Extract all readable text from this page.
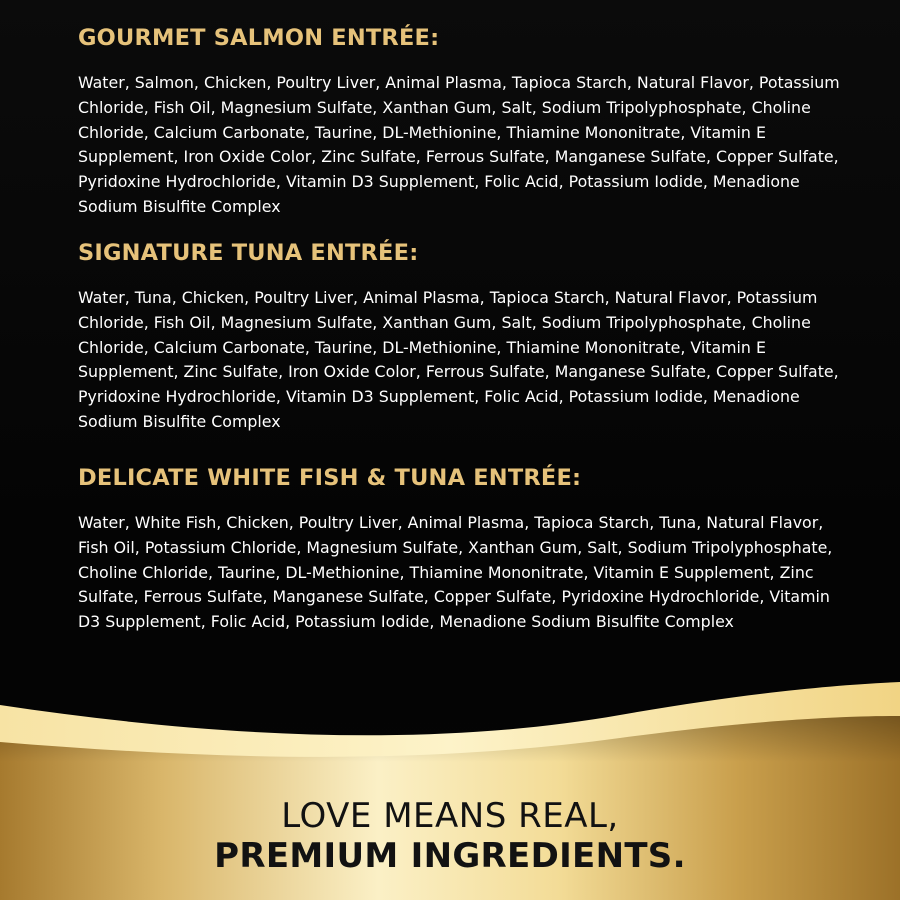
GOURMET SALMON ENTRÉE:

Water, Salmon, Chicken, Poultry Liver, Animal Plasma, Tapioca Starch, Natural Flavor, Potassium Chloride, Fish Oil, Magnesium Sulfate, Xanthan Gum, Salt, Sodium Tripolyphosphate, Choline Chloride, Calcium Carbonate, Taurine, DL-Methionine, Thiamine Mononitrate, Vitamin E Supplement, Iron Oxide Color, Zinc Sulfate, Ferrous Sulfate, Manganese Sulfate, Copper Sulfate, Pyridoxine Hydrochloride, Vitamin D3 Supplement, Folic Acid, Potassium Iodide, Menadione Sodium Bisulfite Complex

SIGNATURE TUNA ENTRÉE:

Water, Tuna, Chicken, Poultry Liver, Animal Plasma, Tapioca Starch, Natural Flavor, Potassium Chloride, Fish Oil, Magnesium Sulfate, Xanthan Gum, Salt, Sodium Tripolyphosphate, Choline Chloride, Calcium Carbonate, Taurine, DL-Methionine, Thiamine Mononitrate, Vitamin E Supplement, Zinc Sulfate, Iron Oxide Color, Ferrous Sulfate, Manganese Sulfate, Copper Sulfate, Pyridoxine Hydrochloride, Vitamin D3 Supplement, Folic Acid, Potassium Iodide, Menadione Sodium Bisulfite Complex

DELICATE WHITE FISH & TUNA ENTRÉE:

Water, White Fish, Chicken, Poultry Liver, Animal Plasma, Tapioca Starch, Tuna, Natural Flavor, Fish Oil, Potassium Chloride, Magnesium Sulfate, Xanthan Gum, Salt, Sodium Tripolyphosphate, Choline Chloride, Taurine, DL-Methionine, Thiamine Mononitrate, Vitamin E Supplement, Zinc Sulfate, Ferrous Sulfate, Manganese Sulfate, Copper Sulfate, Pyridoxine Hydrochloride, Vitamin D3 Supplement, Folic Acid, Potassium Iodide, Menadione Sodium Bisulfite Complex

LOVE MEANS REAL,
PREMIUM INGREDIENTS.
